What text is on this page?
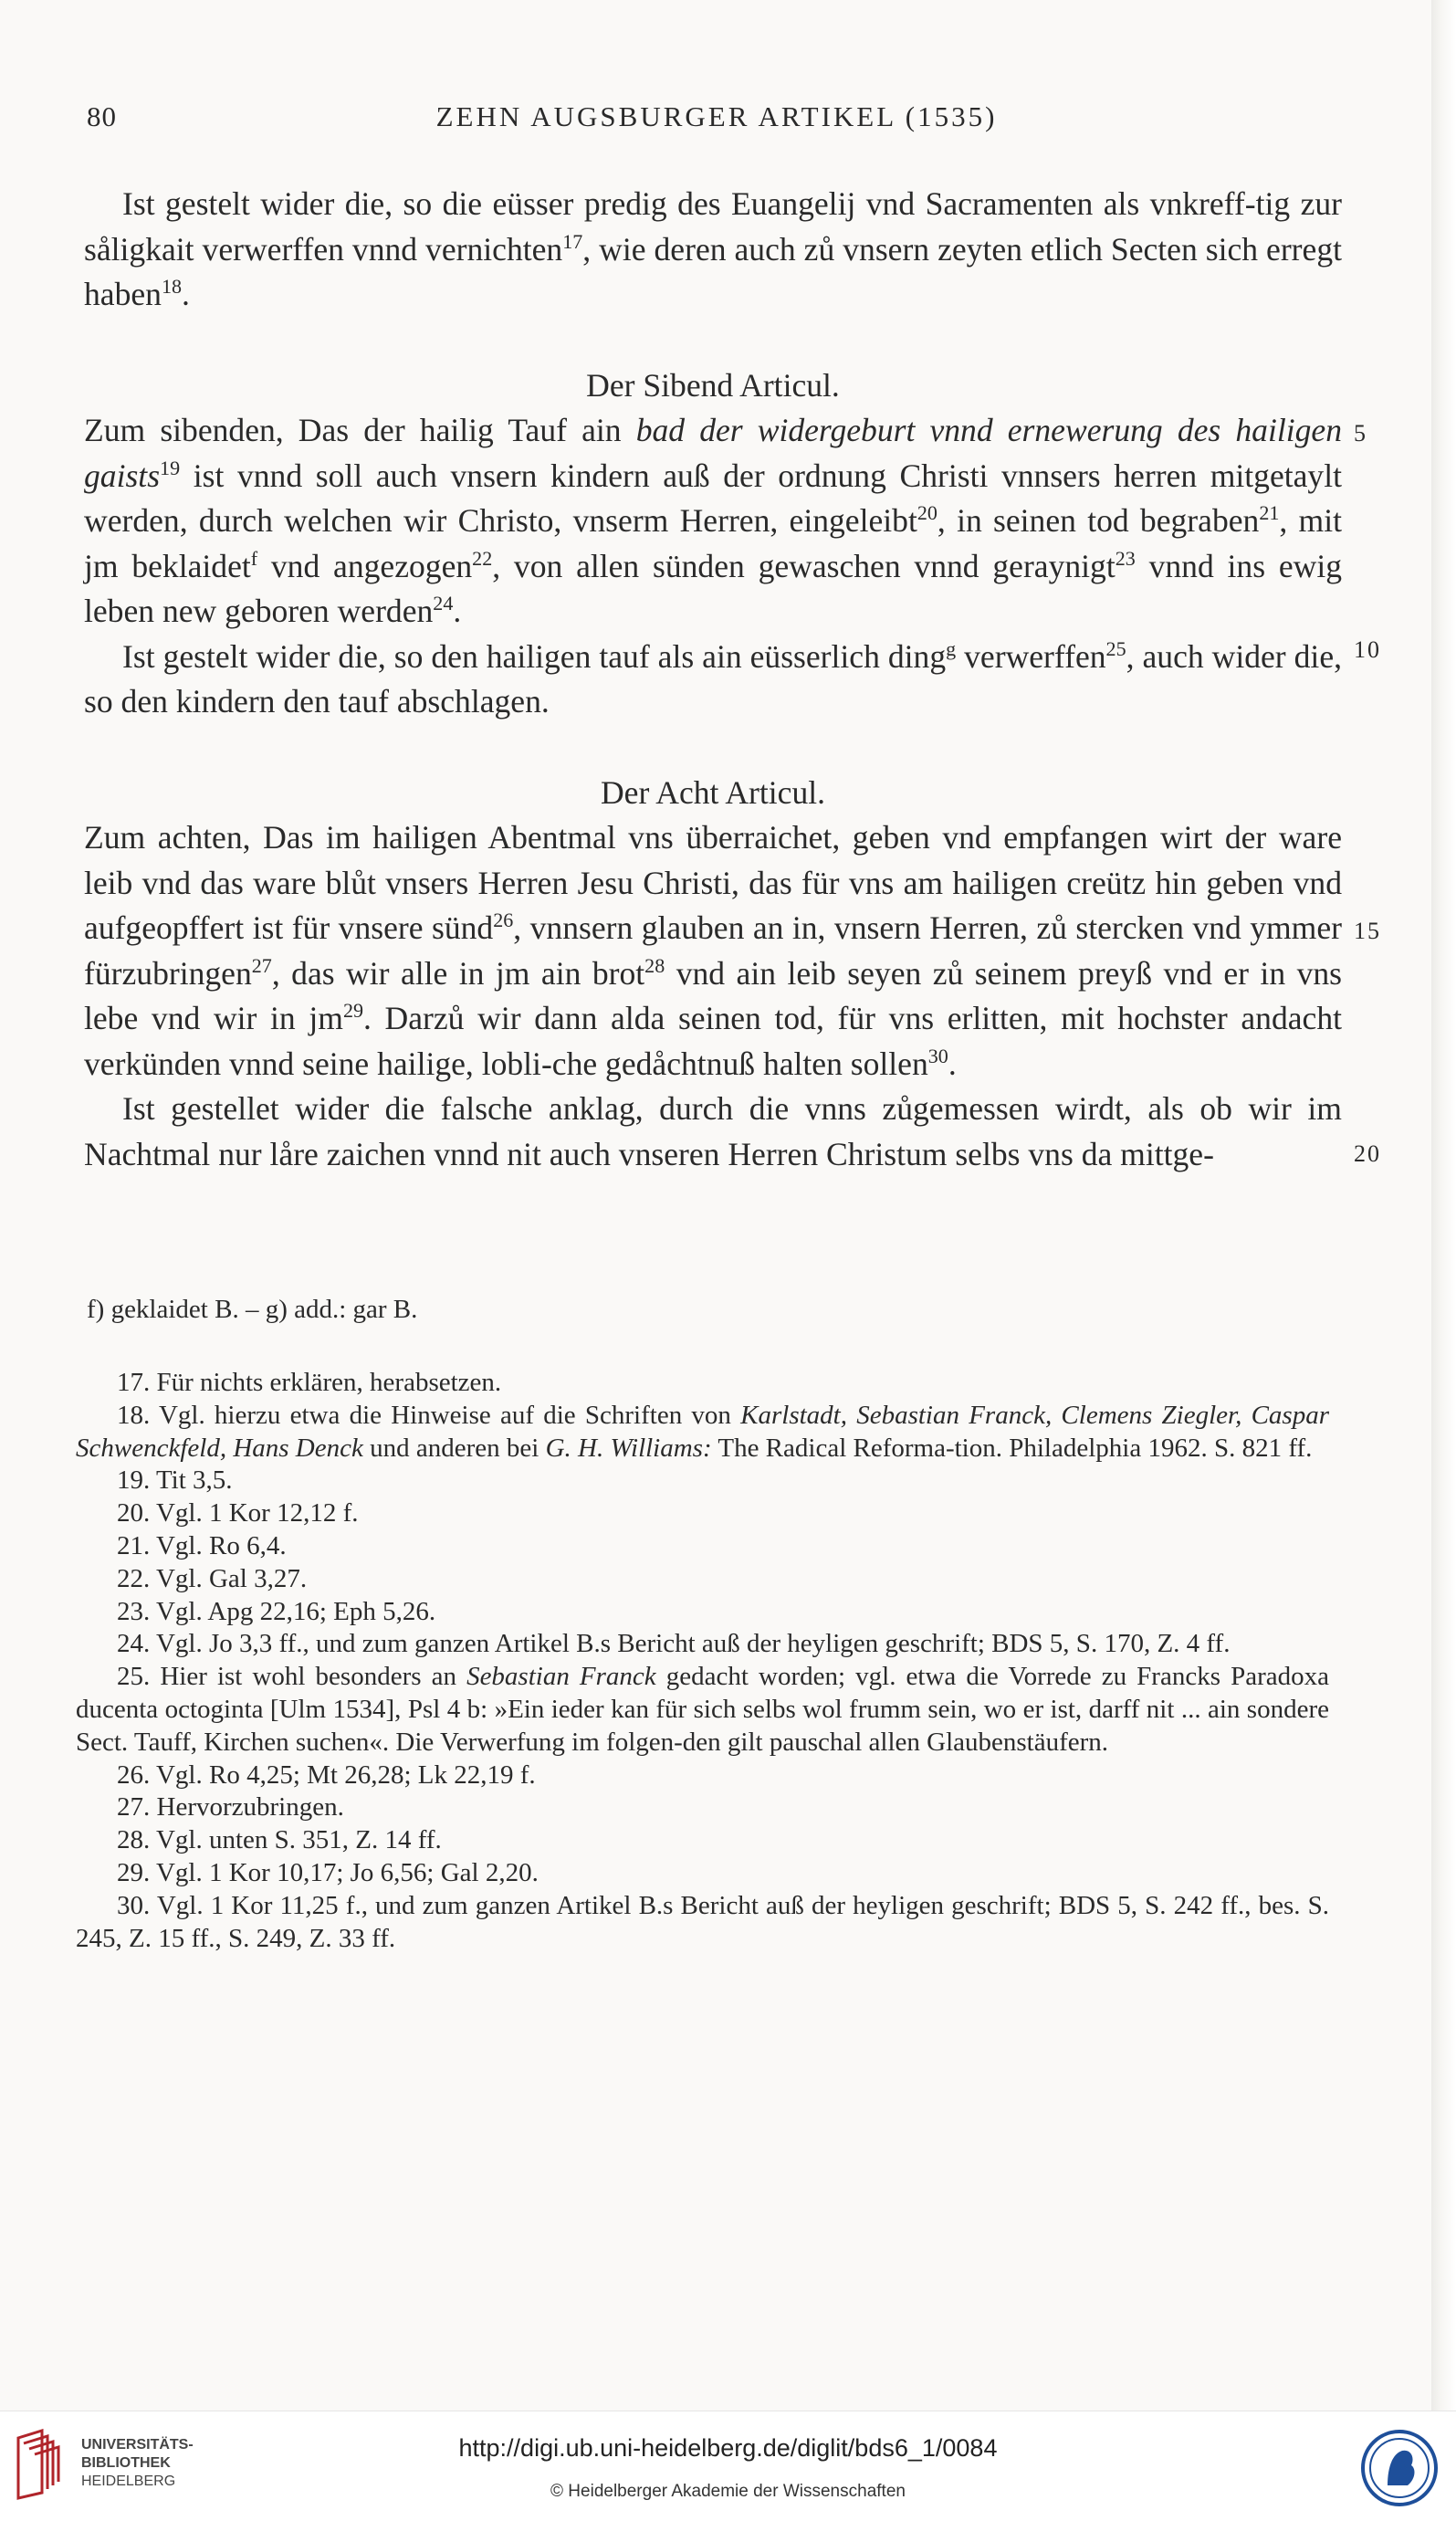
80	ZEHN AUGSBURGER ARTIKEL (1535)

Ist gestelt wider die, so die eüsser predig des Euangelij vnd Sacramenten als vnkreff-tig zur såligkait verwerffen vnnd vernichten$^{17}$, wie deren auch zů vnsern zeyten etlich Secten sich erregt haben$^{18}$.

Der Sibend Articul.

Zum sibenden, Das der hailig Tauf ain bad der widergeburt vnnd ernewerung des hailigen gaists$^{19}$ ist vnnd soll auch vnsern kindern auß der ordnung Christi vnnsers herren mitgetaylt werden, durch welchen wir Christo, vnserm Herren, eingeleibt$^{20}$, in seinen tod begraben$^{21}$, mit jm beklaidet$^f$ vnd angezogen$^{22}$, von allen sünden gewaschen vnnd geraynigt$^{23}$ vnnd ins ewig leben new geboren werden$^{24}$.

Ist gestelt wider die, so den hailigen tauf als ain eüsserlich ding$^g$ verwerffen$^{25}$, auch wider die, so den kindern den tauf abschlagen.

Der Acht Articul.

Zum achten, Das im hailigen Abentmal vns überraichet, geben vnd empfangen wirt der ware leib vnd das ware blůt vnsers Herren Jesu Christi, das für vns am hailigen creütz hin geben vnd aufgeopffert ist für vnsere sünd$^{26}$, vnnsern glauben an in, vnsern Herren, zů stercken vnd ymmer fürzubringen$^{27}$, das wir alle in jm ain brot$^{28}$ vnd ain leib seyen zů seinem preyß vnd er in vns lebe vnd wir in $jm^{29}$. Darzů wir dann alda seinen tod, für vns erlitten, mit hochster andacht verkünden vnnd seine hailige, lobli-che gedåchtnuß halten sollen$^{30}$.

Ist gestellet wider die falsche anklag, durch die vnns zůgemessen wirdt, als ob wir im Nachtmal nur låre zaichen vnnd nit auch vnseren Herren Christum selbs vns da mittge-

5
10
15
20
f) geklaidet B. – g) add.: gar B.

17. Für nichts erklären, herabsetzen.

18. Vgl. hierzu etwa die Hinweise auf die Schriften von Karlstadt, Sebastian Franck, Clemens Ziegler, Caspar Schwenckfeld, Hans Denck und anderen bei G. H. Williams: The Radical Reforma-tion. Philadelphia 1962. S. 821 ff.

19. Tit 3,5.

20. Vgl. 1 Kor 12,12 f.

21. Vgl. Ro 6,4.

22. Vgl. Gal 3,27.

23. Vgl. Apg 22,16; Eph 5,26.

24. Vgl. Jo 3,3 ff., und zum ganzen Artikel B.s Bericht auß der heyligen geschrift; BDS 5, S. 170, Z. 4 ff.

25. Hier ist wohl besonders an Sebastian Franck gedacht worden; vgl. etwa die Vorrede zu Francks Paradoxa ducenta octoginta [Ulm 1534], Psl 4 b: »Ein ieder kan für sich selbs wol frumm sein, wo er ist, darff nit ... ain sondere Sect. Tauff, Kirchen suchen«. Die Verwerfung im folgen-den gilt pauschal allen Glaubenstäufern.

26. Vgl. Ro 4,25; Mt 26,28; Lk 22,19 f.

27. Hervorzubringen.

28. Vgl. unten S. 351, Z. 14 ff.

29. Vgl. 1 Kor 10,17; Jo 6,56; Gal 2,20.

30. Vgl. 1 Kor 11,25 f., und zum ganzen Artikel B.s Bericht auß der heyligen geschrift; BDS 5, S. 242 ff., bes. S. 245, Z. 15 ff., S. 249, Z. 33 ff.

UNIVERSITÄTS-
BIBLIOTHEK
HEIDELBERG
http://digi.ub.uni-heidelberg.de/diglit/bds6_1/0084
© Heidelberger Akademie der Wissenschaften
